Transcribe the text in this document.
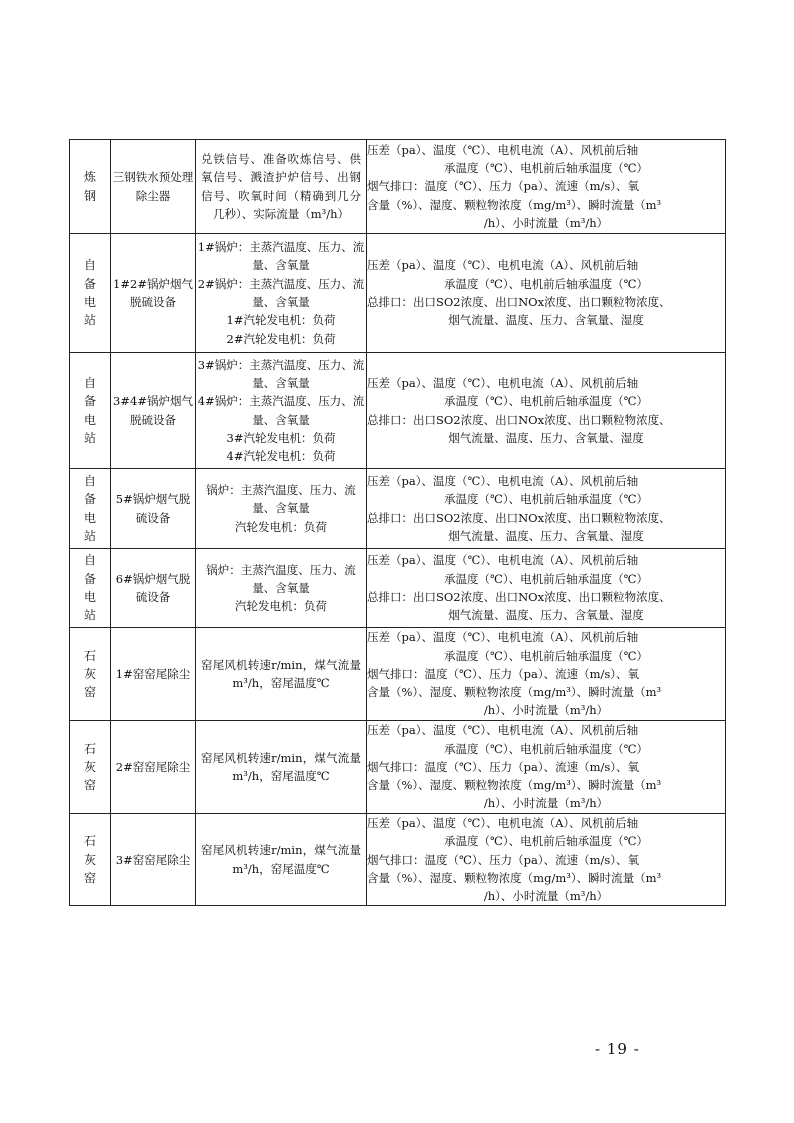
炼钢	三钢铁水预处理除尘器	兑铁信号、准备吹炼信号、供氧信号、溅渣护炉信号、出钢信号、吹氧时间（精确到几分几秒）、实际流量（m³/h）	压差（pa）、温度（℃）、电机电流（A）、风机前后轴
承温度（℃）、电机前后轴承温度（℃）
烟气排口：温度（℃）、压力（pa）、流速（m/s）、氧
含量（%）、湿度、颗粒物浓度（mg/m³）、瞬时流量（m³
/h）、小时流量（m³/h）

自备电站	1#2#锅炉烟气脱硫设备	1#锅炉：主蒸汽温度、压力、流量、含氧量
2#锅炉：主蒸汽温度、压力、流量、含氧量
1#汽轮发电机：负荷
2#汽轮发电机：负荷	压差（pa）、温度（℃）、电机电流（A）、风机前后轴
承温度（℃）、电机前后轴承温度（℃）
总排口：出口SO2浓度、出口NOx浓度、出口颗粒物浓度、
烟气流量、温度、压力、含氧量、湿度

自备电站	3#4#锅炉烟气脱硫设备	3#锅炉：主蒸汽温度、压力、流量、含氧量
4#锅炉：主蒸汽温度、压力、流量、含氧量
3#汽轮发电机：负荷
4#汽轮发电机：负荷	压差（pa）、温度（℃）、电机电流（A）、风机前后轴
承温度（℃）、电机前后轴承温度（℃）
总排口：出口SO2浓度、出口NOx浓度、出口颗粒物浓度、
烟气流量、温度、压力、含氧量、湿度

自备电站	5#锅炉烟气脱硫设备	锅炉：主蒸汽温度、压力、流量、含氧量
汽轮发电机：负荷	压差（pa）、温度（℃）、电机电流（A）、风机前后轴
承温度（℃）、电机前后轴承温度（℃）
总排口：出口SO2浓度、出口NOx浓度、出口颗粒物浓度、
烟气流量、温度、压力、含氧量、湿度

自备电站	6#锅炉烟气脱硫设备	锅炉：主蒸汽温度、压力、流量、含氧量
汽轮发电机：负荷	压差（pa）、温度（℃）、电机电流（A）、风机前后轴
承温度（℃）、电机前后轴承温度（℃）
总排口：出口SO2浓度、出口NOx浓度、出口颗粒物浓度、
烟气流量、温度、压力、含氧量、湿度

石灰窑	1#窑窑尾除尘	窑尾风机转速r/min，煤气流量m³/h，窑尾温度℃	压差（pa）、温度（℃）、电机电流（A）、风机前后轴
承温度（℃）、电机前后轴承温度（℃）
烟气排口：温度（℃）、压力（pa）、流速（m/s）、氧
含量（%）、湿度、颗粒物浓度（mg/m³）、瞬时流量（m³
/h）、小时流量（m³/h）

石灰窑	2#窑窑尾除尘	窑尾风机转速r/min，煤气流量m³/h，窑尾温度℃	压差（pa）、温度（℃）、电机电流（A）、风机前后轴
承温度（℃）、电机前后轴承温度（℃）
烟气排口：温度（℃）、压力（pa）、流速（m/s）、氧
含量（%）、湿度、颗粒物浓度（mg/m³）、瞬时流量（m³
/h）、小时流量（m³/h）

石灰窑	3#窑窑尾除尘	窑尾风机转速r/min，煤气流量m³/h，窑尾温度℃	压差（pa）、温度（℃）、电机电流（A）、风机前后轴
承温度（℃）、电机前后轴承温度（℃）
烟气排口：温度（℃）、压力（pa）、流速（m/s）、氧
含量（%）、湿度、颗粒物浓度（mg/m³）、瞬时流量（m³
/h）、小时流量（m³/h）
- 19 -
